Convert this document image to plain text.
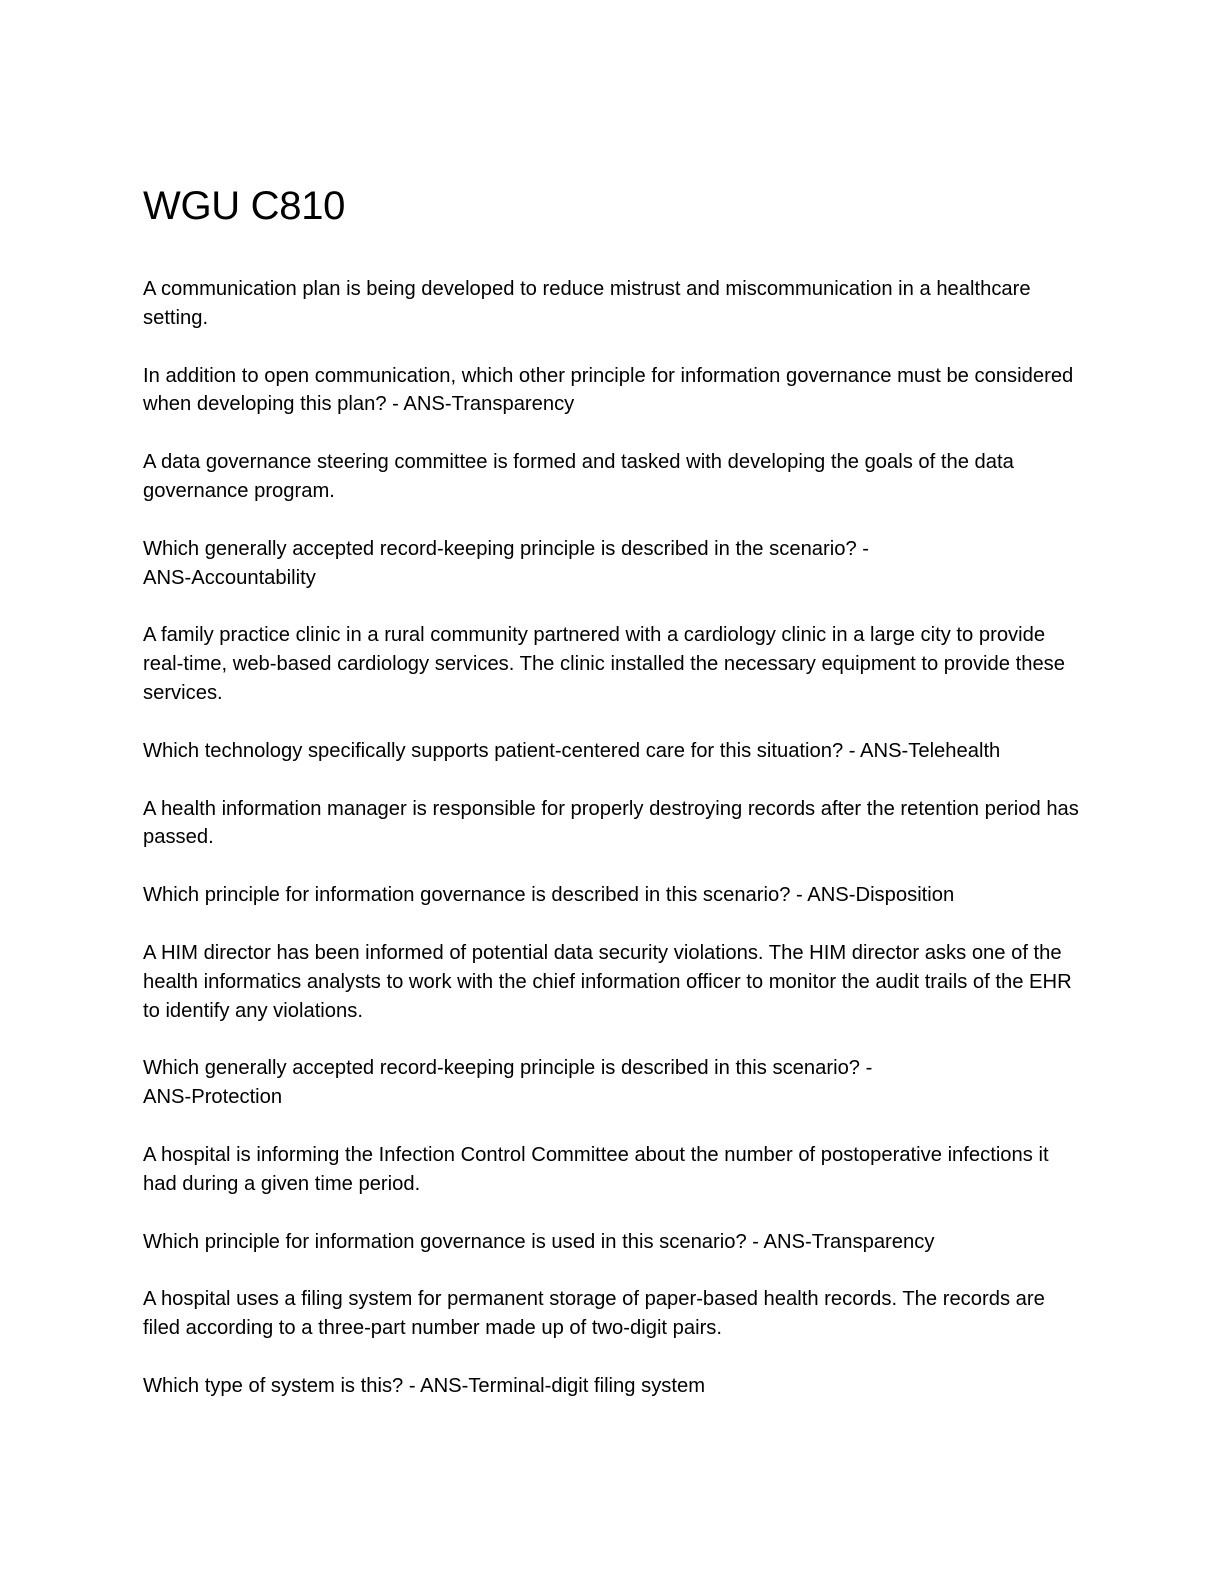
WGU C810

A communication plan is being developed to reduce mistrust and miscommunication in a healthcare setting.

In addition to open communication, which other principle for information governance must be considered when developing this plan? - ANS-Transparency

A data governance steering committee is formed and tasked with developing the goals of the data governance program.

Which generally accepted record-keeping principle is described in the scenario? -
ANS-Accountability

A family practice clinic in a rural community partnered with a cardiology clinic in a large city to provide real-time, web-based cardiology services. The clinic installed the necessary equipment to provide these services.

Which technology specifically supports patient-centered care for this situation? - ANS-Telehealth

A health information manager is responsible for properly destroying records after the retention period has passed.

Which principle for information governance is described in this scenario? - ANS-Disposition

A HIM director has been informed of potential data security violations. The HIM director asks one of the health informatics analysts to work with the chief information officer to monitor the audit trails of the EHR to identify any violations.

Which generally accepted record-keeping principle is described in this scenario? -
ANS-Protection

A hospital is informing the Infection Control Committee about the number of postoperative infections it had during a given time period.

Which principle for information governance is used in this scenario? - ANS-Transparency

A hospital uses a filing system for permanent storage of paper-based health records. The records are filed according to a three-part number made up of two-digit pairs.

Which type of system is this? - ANS-Terminal-digit filing system
